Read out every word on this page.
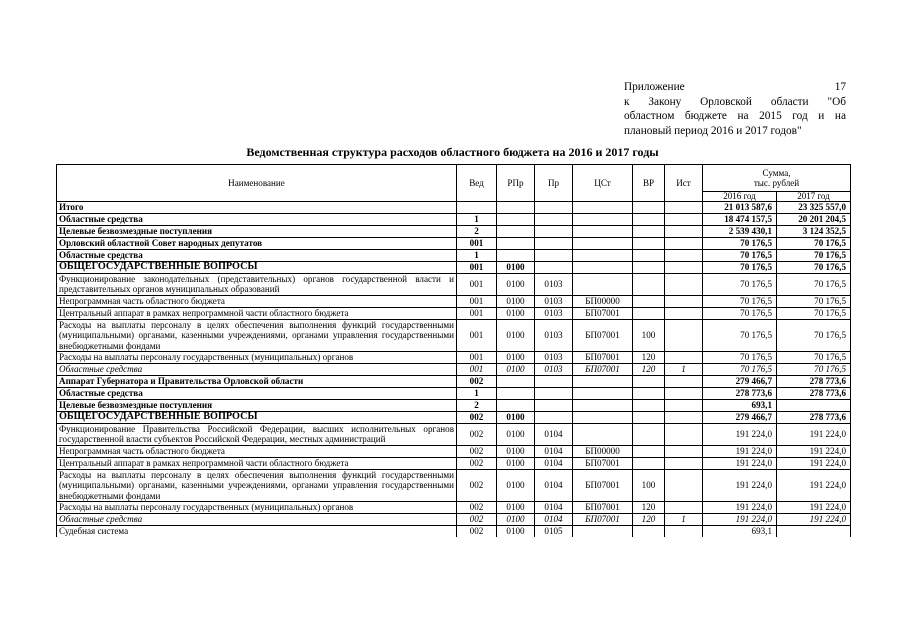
Приложение 17
к Закону Орловской области "Об
областном бюджете на 2015 год и на
плановый период 2016 и 2017 годов"
Ведомственная структура расходов областного бюджета на 2016 и 2017 годы
Наименование	Вед	РПр	Пр	ЦСт	ВР	Ист	Сумма,
тыс. рублей	

							2016 год	2017 год
Итого							21 013 587,6	23 325 557,0
Областные средства	1						18 474 157,5	20 201 204,5
Целевые безвозмездные поступления	2						2 539 430,1	3 124 352,5
Орловский областной Совет народных депутатов	001						70 176,5	70 176,5
Областные средства	1						70 176,5	70 176,5
ОБЩЕГОСУДАРСТВЕННЫЕ ВОПРОСЫ	001	0100					70 176,5	70 176,5
Функционирование законодательных (представительных) органов государственной власти и представительных органов муниципальных образований	001	0100	0103				70 176,5	70 176,5
Непрограммная часть областного бюджета	001	0100	0103	БП00000			70 176,5	70 176,5
Центральный аппарат в рамках непрограммной части областного бюджета	001	0100	0103	БП07001			70 176,5	70 176,5
Расходы на выплаты персоналу в целях обеспечения выполнения функций государственными (муниципальными) органами, казенными учреждениями, органами управления государственными внебюджетными фондами	001	0100	0103	БП07001	100		70 176,5	70 176,5
Расходы на выплаты персоналу государственных (муниципальных) органов	001	0100	0103	БП07001	120		70 176,5	70 176,5
Областные средства	001	0100	0103	БП07001	120	1	70 176,5	70 176,5
Аппарат Губернатора и Правительства Орловской области	002						279 466,7	278 773,6
Областные средства	1						278 773,6	278 773,6
Целевые безвозмездные поступления	2						693,1	
ОБЩЕГОСУДАРСТВЕННЫЕ ВОПРОСЫ	002	0100					279 466,7	278 773,6
Функционирование Правительства Российской Федерации, высших исполнительных органов государственной власти субъектов Российской Федерации, местных администраций	002	0100	0104				191 224,0	191 224,0
Непрограммная часть областного бюджета	002	0100	0104	БП00000			191 224,0	191 224,0
Центральный аппарат в рамках непрограммной части областного бюджета	002	0100	0104	БП07001			191 224,0	191 224,0
Расходы на выплаты персоналу в целях обеспечения выполнения функций государственными (муниципальными) органами, казенными учреждениями, органами управления государственными внебюджетными фондами	002	0100	0104	БП07001	100		191 224,0	191 224,0
Расходы на выплаты персоналу государственных (муниципальных) органов	002	0100	0104	БП07001	120		191 224,0	191 224,0
Областные средства	002	0100	0104	БП07001	120	1	191 224,0	191 224,0
Судебная система	002	0100	0105				693,1	
